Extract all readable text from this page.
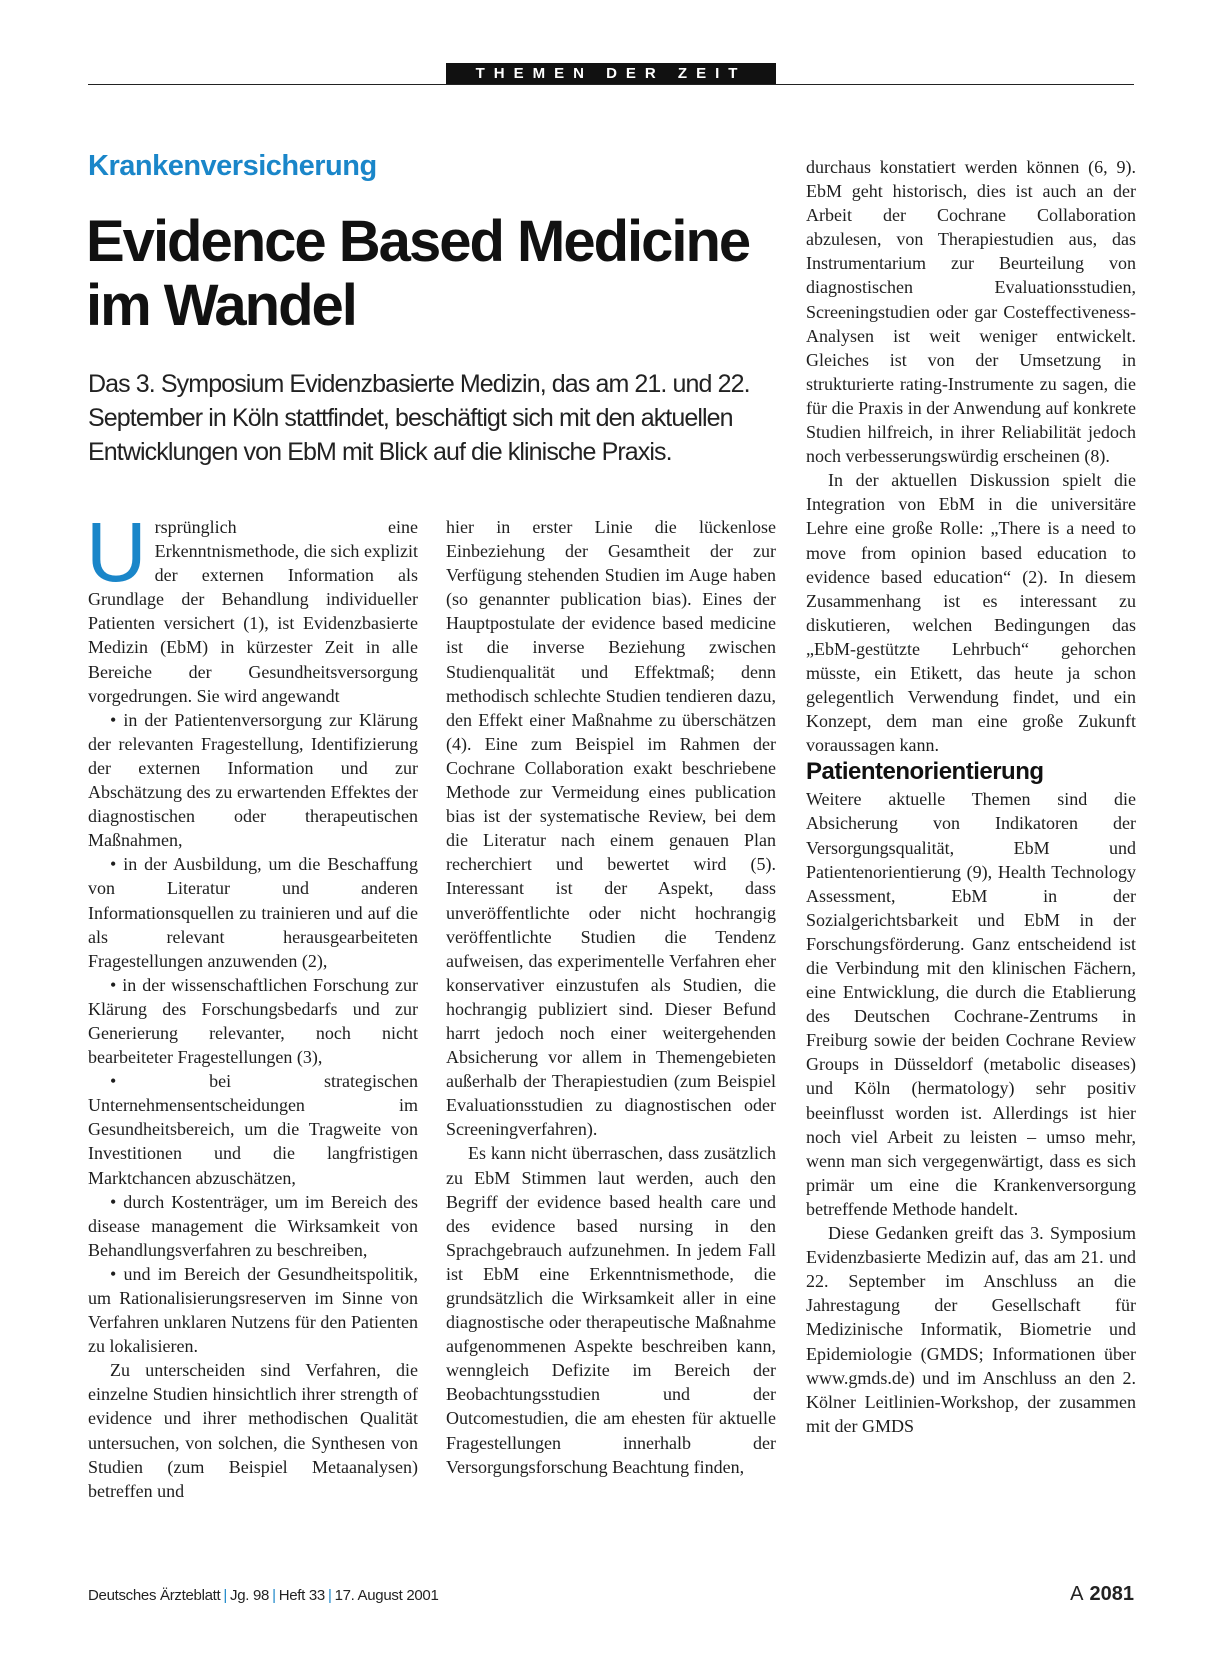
THEMEN DER ZEIT
Krankenversicherung
Evidence Based Medicine im Wandel

Das 3. Symposium Evidenzbasierte Medizin, das am 21. und 22. September in Köln stattfindet, beschäftigt sich mit den aktuellen Entwicklungen von EbM mit Blick auf die klinische Praxis.

Ursprünglich eine Erkenntnismethode, die sich explizit der externen Information als Grundlage der Behandlung individueller Patienten versichert (1), ist Evidenzbasierte Medizin (EbM) in kürzester Zeit in alle Bereiche der Gesundheitsversorgung vorgedrungen. Sie wird angewandt

• in der Patientenversorgung zur Klärung der relevanten Fragestellung, Identifizierung der externen Information und zur Abschätzung des zu erwartenden Effektes der diagnostischen oder therapeutischen Maßnahmen,

• in der Ausbildung, um die Beschaffung von Literatur und anderen Informationsquellen zu trainieren und auf die als relevant herausgearbeiteten Fragestellungen anzuwenden (2),

• in der wissenschaftlichen Forschung zur Klärung des Forschungsbedarfs und zur Generierung relevanter, noch nicht bearbeiteter Fragestellungen (3),

• bei strategischen Unternehmensentscheidungen im Gesundheitsbereich, um die Tragweite von Investitionen und die langfristigen Marktchancen abzuschätzen,

• durch Kostenträger, um im Bereich des disease management die Wirksamkeit von Behandlungsverfahren zu beschreiben,

• und im Bereich der Gesundheitspolitik, um Rationalisierungsreserven im Sinne von Verfahren unklaren Nutzens für den Patienten zu lokalisieren.

Zu unterscheiden sind Verfahren, die einzelne Studien hinsichtlich ihrer strength of evidence und ihrer methodischen Qualität untersuchen, von solchen, die Synthesen von Studien (zum Beispiel Metaanalysen) betreffen und

hier in erster Linie die lückenlose Einbeziehung der Gesamtheit der zur Verfügung stehenden Studien im Auge haben (so genannter publication bias). Eines der Hauptpostulate der evidence based medicine ist die inverse Beziehung zwischen Studienqualität und Effektmaß; denn methodisch schlechte Studien tendieren dazu, den Effekt einer Maßnahme zu überschätzen (4). Eine zum Beispiel im Rahmen der Cochrane Collaboration exakt beschriebene Methode zur Vermeidung eines publication bias ist der systematische Review, bei dem die Literatur nach einem genauen Plan recherchiert und bewertet wird (5). Interessant ist der Aspekt, dass unveröffentlichte oder nicht hochrangig veröffentlichte Studien die Tendenz aufweisen, das experimentelle Verfahren eher konservativer einzustufen als Studien, die hochrangig publiziert sind. Dieser Befund harrt jedoch noch einer weitergehenden Absicherung vor allem in Themengebieten außerhalb der Therapiestudien (zum Beispiel Evaluationsstudien zu diagnostischen oder Screeningverfahren).

Es kann nicht überraschen, dass zusätzlich zu EbM Stimmen laut werden, auch den Begriff der evidence based health care und des evidence based nursing in den Sprachgebrauch aufzunehmen. In jedem Fall ist EbM eine Erkenntnismethode, die grundsätzlich die Wirksamkeit aller in eine diagnostische oder therapeutische Maßnahme aufgenommenen Aspekte beschreiben kann, wenngleich Defizite im Bereich der Beobachtungsstudien und der Outcomestudien, die am ehesten für aktuelle Fragestellungen innerhalb der Versorgungsforschung Beachtung finden,

durchaus konstatiert werden können (6, 9). EbM geht historisch, dies ist auch an der Arbeit der Cochrane Collaboration abzulesen, von Therapiestudien aus, das Instrumentarium zur Beurteilung von diagnostischen Evaluationsstudien, Screeningstudien oder gar Costeffectiveness-Analysen ist weit weniger entwickelt. Gleiches ist von der Umsetzung in strukturierte rating-Instrumente zu sagen, die für die Praxis in der Anwendung auf konkrete Studien hilfreich, in ihrer Reliabilität jedoch noch verbesserungswürdig erscheinen (8).

In der aktuellen Diskussion spielt die Integration von EbM in die universitäre Lehre eine große Rolle: „There is a need to move from opinion based education to evidence based education“ (2). In diesem Zusammenhang ist es interessant zu diskutieren, welchen Bedingungen das „EbM-gestützte Lehrbuch“ gehorchen müsste, ein Etikett, das heute ja schon gelegentlich Verwendung findet, und ein Konzept, dem man eine große Zukunft voraussagen kann.

Patientenorientierung

Weitere aktuelle Themen sind die Absicherung von Indikatoren der Versorgungsqualität, EbM und Patientenorientierung (9), Health Technology Assessment, EbM in der Sozialgerichtsbarkeit und EbM in der Forschungsförderung. Ganz entscheidend ist die Verbindung mit den klinischen Fächern, eine Entwicklung, die durch die Etablierung des Deutschen Cochrane-Zentrums in Freiburg sowie der beiden Cochrane Review Groups in Düsseldorf (metabolic diseases) und Köln (hermatology) sehr positiv beeinflusst worden ist. Allerdings ist hier noch viel Arbeit zu leisten – umso mehr, wenn man sich vergegenwärtigt, dass es sich primär um eine die Krankenversorgung betreffende Methode handelt.

Diese Gedanken greift das 3. Symposium Evidenzbasierte Medizin auf, das am 21. und 22. September im Anschluss an die Jahrestagung der Gesellschaft für Medizinische Informatik, Biometrie und Epidemiologie (GMDS; Informationen über www.gmds.de) und im Anschluss an den 2. Kölner Leitlinien-Workshop, der zusammen mit der GMDS

Deutsches Ärzteblatt | Jg. 98 | Heft 33 | 17. August 2001	A 2081
